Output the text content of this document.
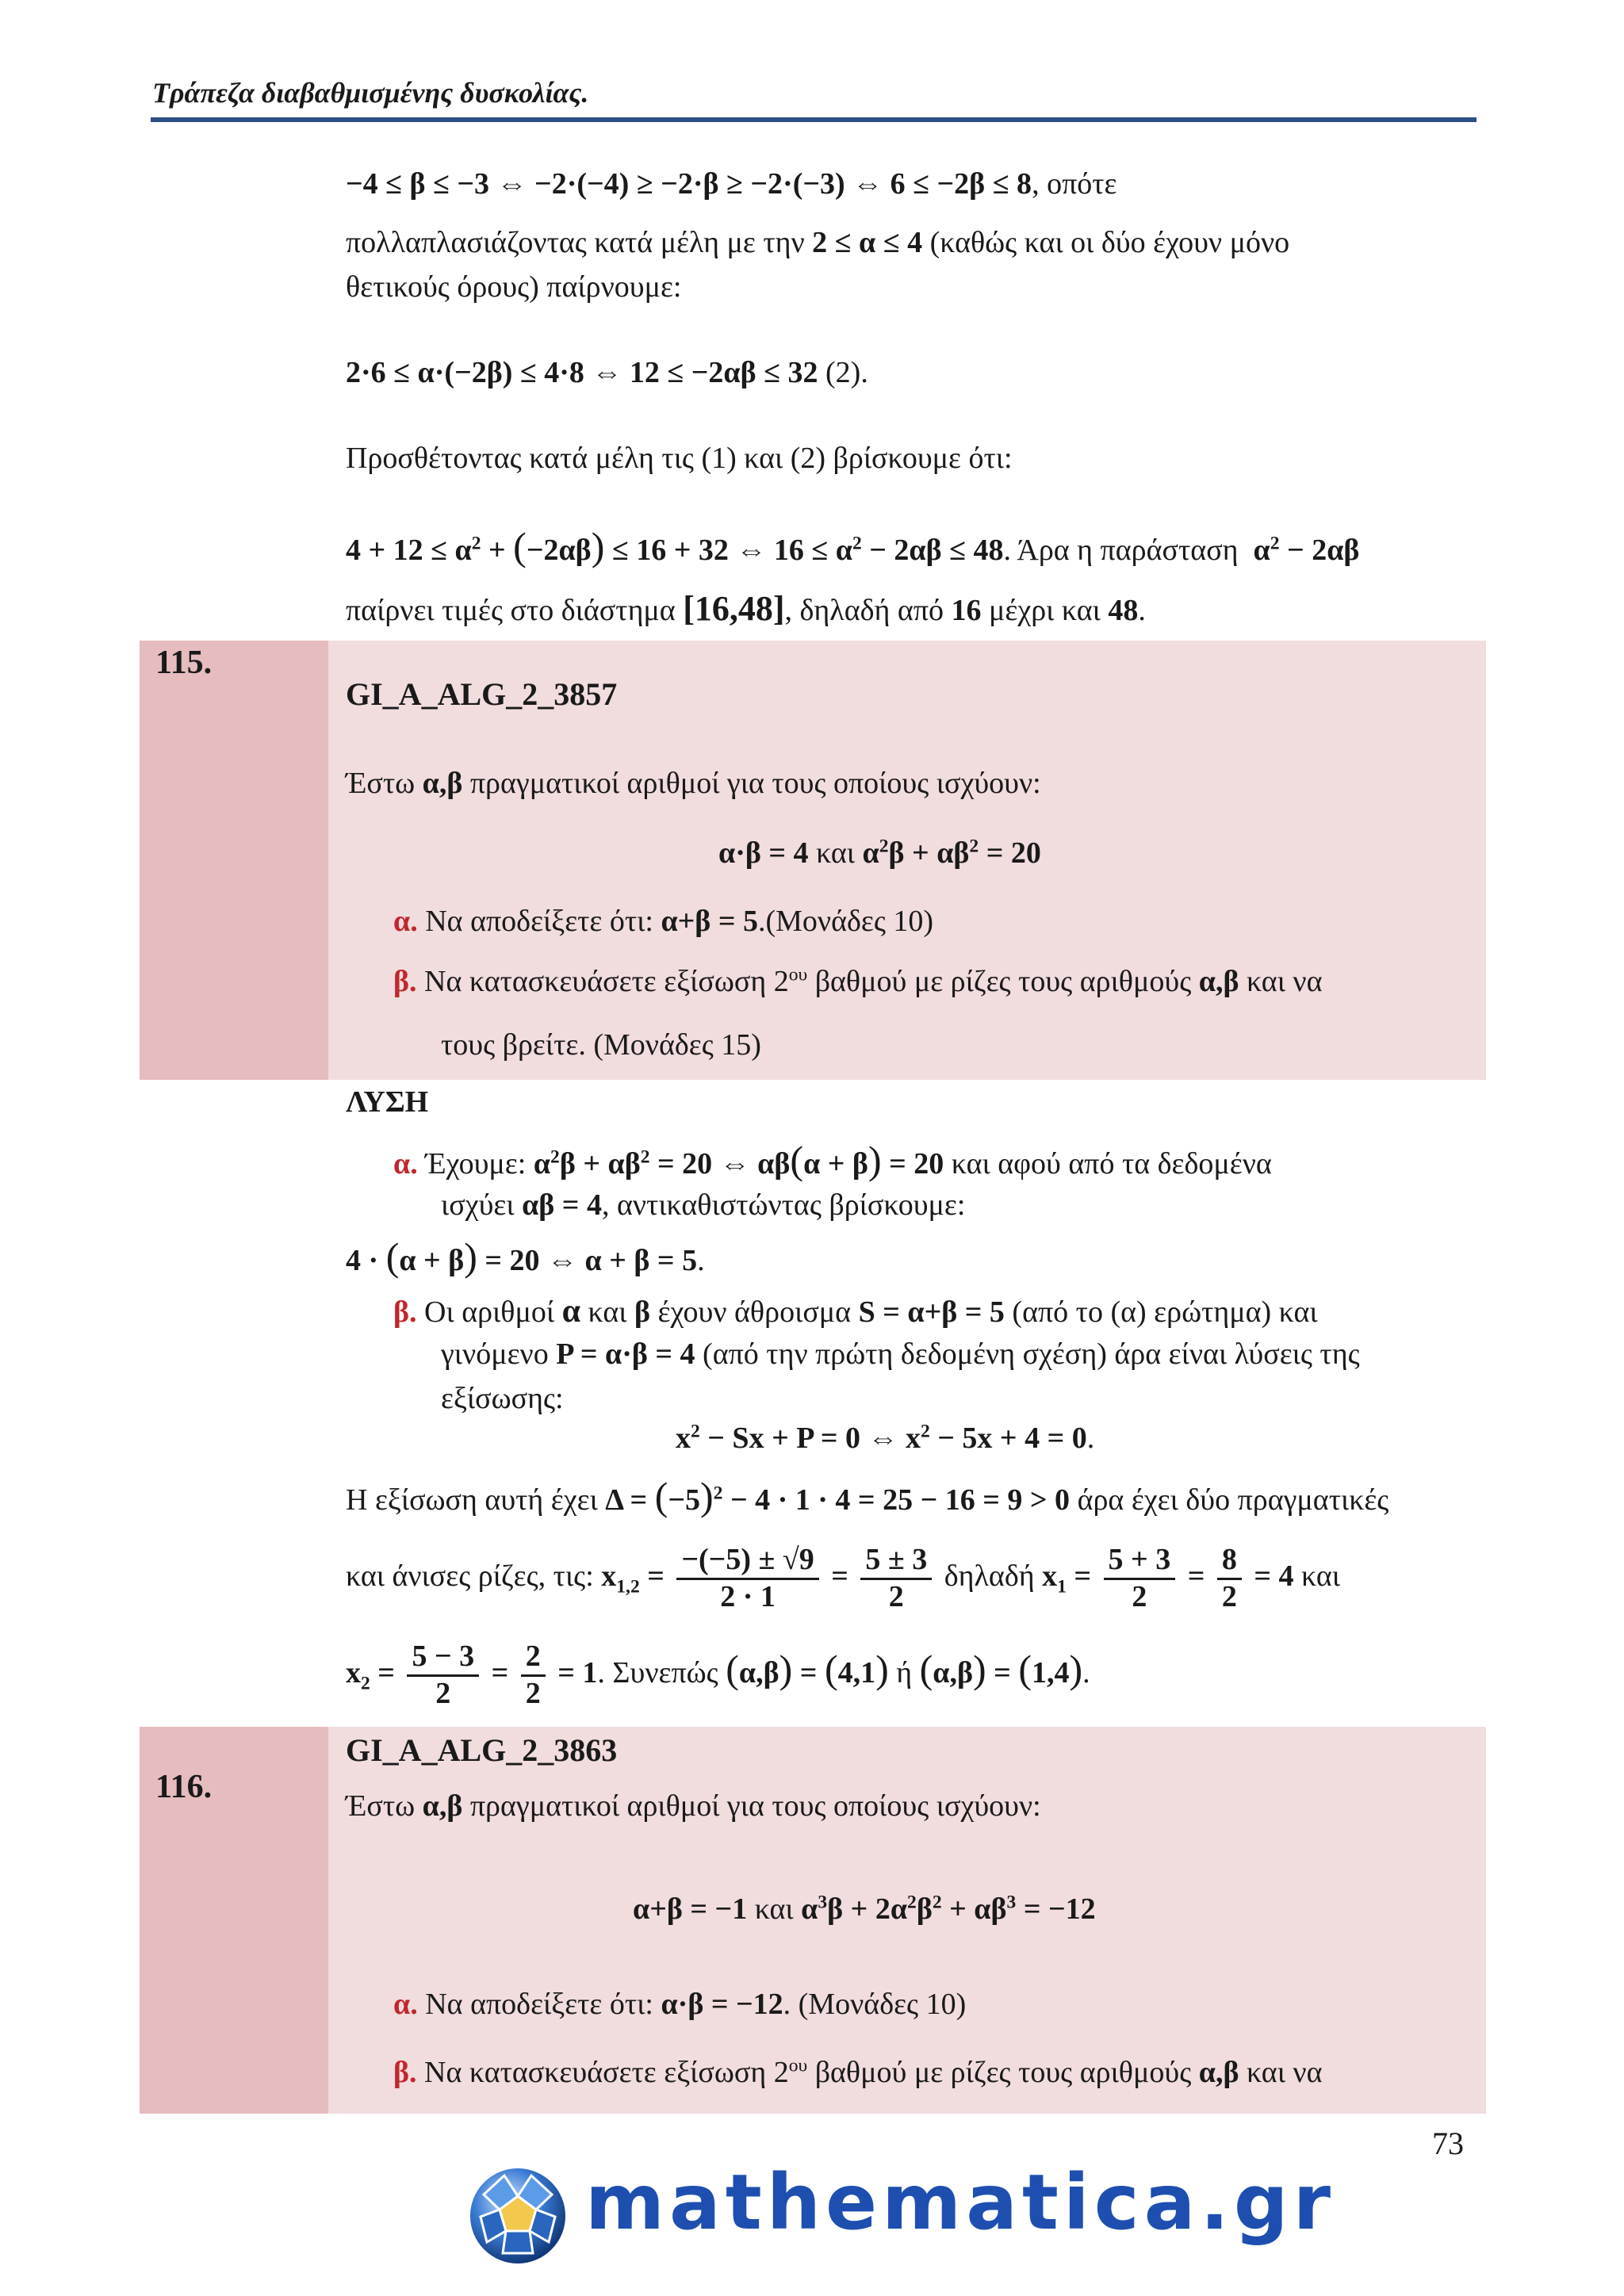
Τράπεζα διαβαθμισμένης δυσκολίας.
−4 ≤ β ≤ −3 ⇔ −2·(−4) ≥ −2·β ≥ −2·(−3) ⇔ 6 ≤ −2β ≤ 8, οπότε
πολλαπλασιάζοντας κατά μέλη με την 2 ≤ α ≤ 4 (καθώς και οι δύο έχουν μόνο
θετικούς όρους) παίρνουμε:
2·6 ≤ α·(−2β) ≤ 4·8 ⇔ 12 ≤ −2αβ ≤ 32 (2).
Προσθέτοντας κατά μέλη τις (1) και (2) βρίσκουμε ότι:
$4 + 12 \le \alpha^2 + (-2\alpha\beta) \le 16 + 32$ ⇔ $16 \le \alpha^2 - 2\alpha\beta \le 48$. Άρα η παράσταση  $\alpha^2 - 2\alpha\beta$
παίρνει τιμές στο διάστημα [16,48], δηλαδή από 16 μέχρι και 48.
115.
GI_A_ALG_2_3857
Έστω α,β πραγματικοί αριθμοί για τους οποίους ισχύουν:
α·β = 4 και $\alpha^2\beta + \alpha\beta^2 = 20$
α. Να αποδείξετε ότι: α+β = 5.(Μονάδες 10)
β. Να κατασκευάσετε εξίσωση $2^{o\upsilon}$ βαθμού με ρίζες τους αριθμούς α,β και να
τους βρείτε. (Μονάδες 15)
ΛΥΣΗ
α. Έχουμε: $\alpha^2\beta + \alpha\beta^2 = 20$ ⇔ αβ(α + β) = 20 και αφού από τα δεδομένα
ισχύει αβ = 4, αντικαθιστώντας βρίσκουμε:
4 · (α + β) = 20 ⇔ α + β = 5.
β. Οι αριθμοί α και β έχουν άθροισμα S = α+β = 5 (από το (α) ερώτημα) και
γινόμενο P = α·β = 4 (από την πρώτη δεδομένη σχέση) άρα είναι λύσεις της
εξίσωσης:
$x^2 - Sx + P = 0$ ⇔ $x^2 - 5x + 4 = 0$.
Η εξίσωση αυτή έχει $\Delta = (-5)^2 - 4 \cdot 1 \cdot 4 = 25 - 16 = 9 > 0$ άρα έχει δύο πραγματικές
και άνισες ρίζες, τις: $x_{1,2} = \frac{-(-5) \pm √9}{2 \cdot 1} = \frac{5 \pm 3}{2}$ δηλαδή $x_1 = \frac{5 + 3}{2} = \frac{8}{2} = 4$ και
$x_2 = \frac{5 - 3}{2} = \frac{2}{2} = 1$. Συνεπώς (α,β) = (4,1) ή (α,β) = (1,4).
GI_A_ALG_2_3863
116.
Έστω α,β πραγματικοί αριθμοί για τους οποίους ισχύουν:
α+β = −1 και $\alpha^3\beta + 2\alpha^2\beta^2 + \alpha\beta^3 = -12$
α. Να αποδείξετε ότι: α·β = −12. (Μονάδες 10)
β. Να κατασκευάσετε εξίσωση $2^{o\upsilon}$ βαθμού με ρίζες τους αριθμούς α,β και να
73
mathematica.gr
